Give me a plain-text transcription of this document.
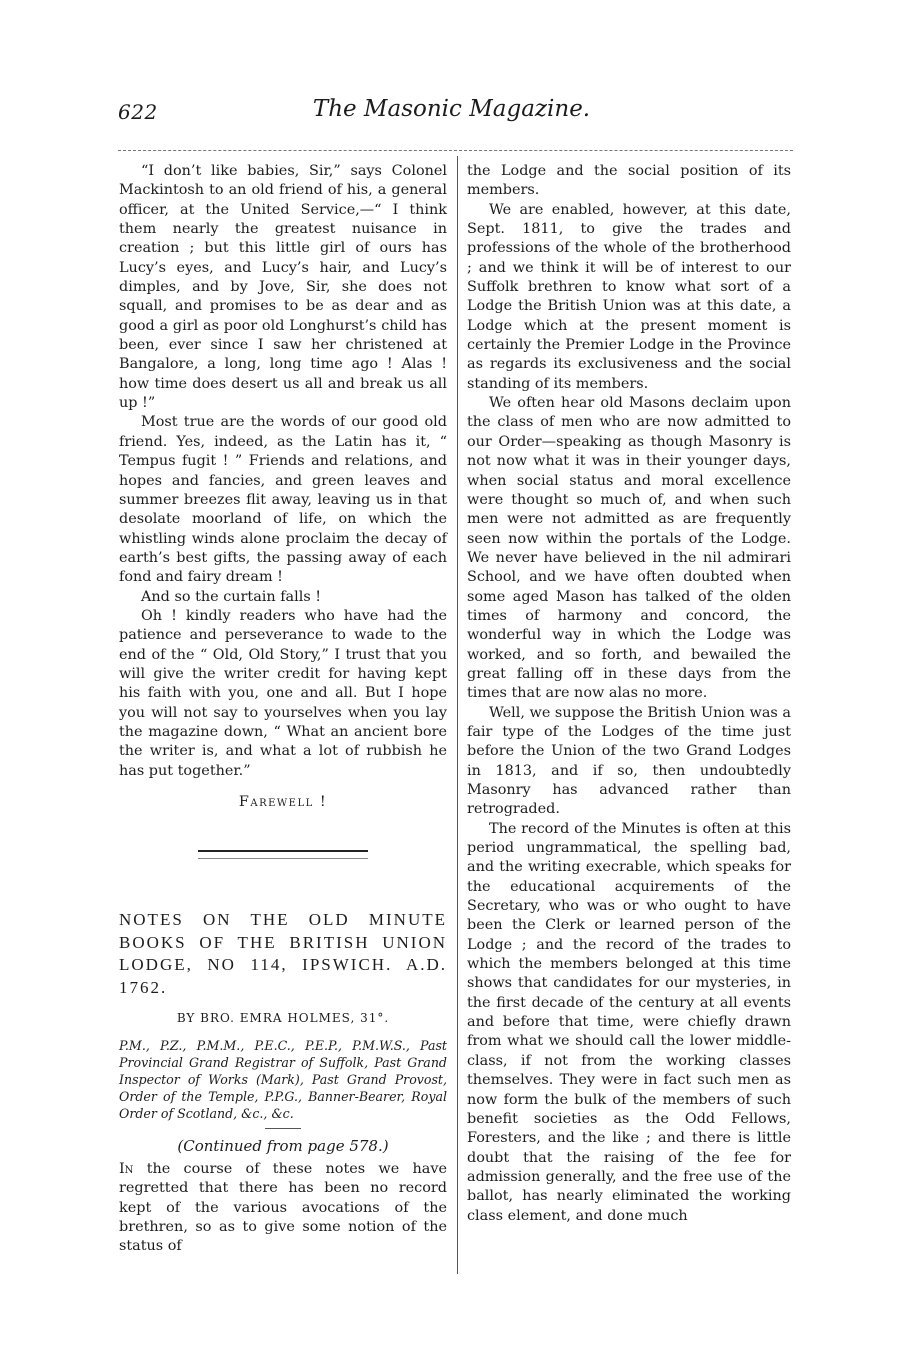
622	The Masonic Magazine.

“I don’t like babies, Sir,” says Colonel Mackintosh to an old friend of his, a general officer, at the United Service,—“ I think them nearly the greatest nuisance in creation ; but this little girl of ours has Lucy’s eyes, and Lucy’s hair, and Lucy’s dimples, and by Jove, Sir, she does not squall, and promises to be as dear and as good a girl as poor old Longhurst’s child has been, ever since I saw her christened at Bangalore, a long, long time ago ! Alas ! how time does desert us all and break us all up !”

Most true are the words of our good old friend. Yes, indeed, as the Latin has it, “ Tempus fugit ! ” Friends and relations, and hopes and fancies, and green leaves and summer breezes flit away, leaving us in that desolate moorland of life, on which the whistling winds alone proclaim the decay of earth’s best gifts, the passing away of each fond and fairy dream !

And so the curtain falls !

Oh ! kindly readers who have had the patience and perseverance to wade to the end of the “ Old, Old Story,” I trust that you will give the writer credit for having kept his faith with you, one and all. But I hope you will not say to yourselves when you lay the magazine down, “ What an ancient bore the writer is, and what a lot of rubbish he has put together.”

Farewell !

NOTES ON THE OLD MINUTE BOOKS OF THE BRITISH UNION LODGE, NO 114, IPSWICH. A.D. 1762.
BY BRO. EMRA HOLMES, 31°.
P.M., P.Z., P.M.M., P.E.C., P.E.P., P.M.W.S., Past Provincial Grand Registrar of Suffolk, Past Grand Inspector of Works (Mark), Past Grand Provost, Order of the Temple, P.P.G., Banner-Bearer, Royal Order of Scotland, &c., &c.
(Continued from page 578.)

In the course of these notes we have regretted that there has been no record kept of the various avocations of the brethren, so as to give some notion of the status of

the Lodge and the social position of its members.

We are enabled, however, at this date, Sept. 1811, to give the trades and professions of the whole of the brotherhood ; and we think it will be of interest to our Suffolk brethren to know what sort of a Lodge the British Union was at this date, a Lodge which at the present moment is certainly the Premier Lodge in the Province as regards its exclusiveness and the social standing of its members.

We often hear old Masons declaim upon the class of men who are now admitted to our Order—speaking as though Masonry is not now what it was in their younger days, when social status and moral excellence were thought so much of, and when such men were not admitted as are frequently seen now within the portals of the Lodge. We never have believed in the nil admirari School, and we have often doubted when some aged Mason has talked of the olden times of harmony and concord, the wonderful way in which the Lodge was worked, and so forth, and bewailed the great falling off in these days from the times that are now alas no more.

Well, we suppose the British Union was a fair type of the Lodges of the time just before the Union of the two Grand Lodges in 1813, and if so, then undoubtedly Masonry has advanced rather than retrograded.

The record of the Minutes is often at this period ungrammatical, the spelling bad, and the writing execrable, which speaks for the educational acquirements of the Secretary, who was or who ought to have been the Clerk or learned person of the Lodge ; and the record of the trades to which the members belonged at this time shows that candidates for our mysteries, in the first decade of the century at all events and before that time, were chiefly drawn from what we should call the lower middle-class, if not from the working classes themselves. They were in fact such men as now form the bulk of the members of such benefit societies as the Odd Fellows, Foresters, and the like ; and there is little doubt that the raising of the fee for admission generally, and the free use of the ballot, has nearly eliminated the working class element, and done much
